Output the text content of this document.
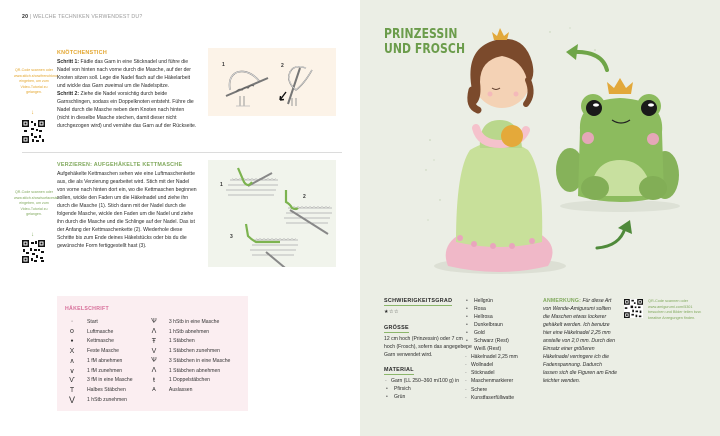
20 | WELCHE TECHNIKEN VERWENDEST DU?
QR-Code scannen oder www.stiich.show/frenchknot eingeben, um zum Video-Tutorial zu gelangen.
↓
KNÖTCHENSTICH

Schritt 1: Fädle das Garn in eine Sticknadel und führe die Nadel von hinten nach vorne durch die Masche, auf der der Knoten sitzen soll. Lege die Nadel flach auf die Häkelarbeit und wickle das Garn zweimal um die Nadelspitze.
Schritt 2: Ziehe die Nadel vorsichtig durch beide Garnschlingen, sodass ein Doppelknoten entsteht. Führe die Nadel durch die Masche neben dem Knoten nach hinten (nicht in dieselbe Masche stechen, damit dieser nicht durchgezogen wird) und vernähe das Garn auf der Rückseite.

1	2
QR-Code scannen oder www.stiich.show/surfaceslst eingeben, um zum Video-Tutorial zu gelangen.
↓
VERZIEREN: AUFGEHÄKELTE KETTMASCHE

Aufgehäkelte Kettmaschen sehen wie eine Luftmaschenkette aus, die als Verzierung gearbeitet wird. Stich mit der Nadel von vorne nach hinten dort ein, wo die Kettmaschen beginnen sollen, wickle den Faden um die Häkelnadel und ziehe ihn durch die Masche (1). Stich dann mit der Nadel durch die folgende Masche, wickle den Faden um die Nadel und ziehe ihn durch die Masche und die Schlinge auf der Nadel. Das ist der Anfang der Kettmaschenkette (2). Wiederhole diese Schritte bis zum Ende deines Häkelstücks oder bis du die gewünschte Form fertiggestellt hast (3).

1
2
3
HÄKELSCHRIFT
·	Start
o	Luftmasche
●	Kettmasche
X	Feste Masche
∧	1 fM abnehmen
∨	1 fM zunehmen
Ѵ	3 fM in eine Masche
T	Halbes Stäbchen
V	1 hStb zunehmen
Ѱ	3 hStb in eine Masche
Ʌ	1 hStb abnehmen
Ŧ	1 Stäbchen
V	1 Stäbchen zunehmen
Ѱ	3 Stäbchen in eine Masche
Ʌ	1 Stäbchen abnehmen
ŧ	1 Doppelstäbchen
A	Auslassen
PRINZESSIN
UND FROSCH
SCHWIERIGKEITSGRAD
★☆☆
GRÖSSE
12 cm hoch (Prinzessin) oder 7 cm hoch (Frosch), sofern das angegebene Garn verwendet wird.
MATERIAL
- Garn (LL 250–360 m/100 g) in
• Pfirsich
• Grün
• Hellgrün
• Rosa
• Hellrosa
• Dunkelbraun
• Gold
• Schwarz (Rest)
• Weiß (Rest)
- Häkelnadel 2,25 mm
- Wollnadel
- Sticknadel
- Maschenmarkierer
- Schere
- Kunstfaserfüllwatte

ANMERKUNG: Für diese Art von Wende-Amigurumi sollten die Maschen etwas lockerer gehäkelt werden. Ich benutze hier eine Häkelnadel 2,25 mm anstelle von 2,0 mm. Durch den Einsatz einer größeren Häkelnadel verringere ich die Fadenspannung. Dadurch lassen sich die Figuren am Ende leichter wenden.

QR-Code scannen oder www.amigurumi.com/5301 besuchen und Bilder teilen bzw. kreative Anregungen finden.
